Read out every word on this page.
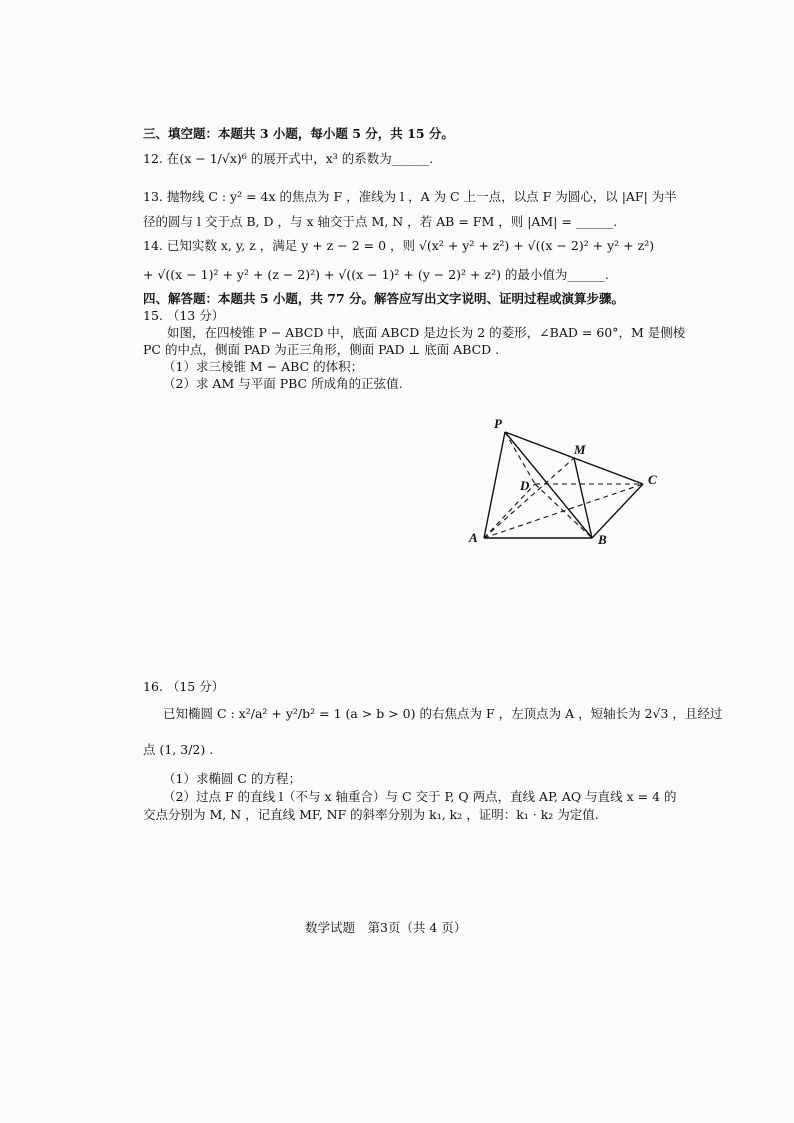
三、填空题：本题共 3 小题，每小题 5 分，共 15 分。
12. 在(x − 1/√x)⁶ 的展开式中，x³ 的系数为______.
13. 抛物线 C : y² = 4x 的焦点为 F ，准线为 l ，A 为 C 上一点，以点 F 为圆心，以 |AF| 为半
径的圆与 l 交于点 B, D ，与 x 轴交于点 M, N ，若 AB = FM ，则 |AM| = ______.
14. 已知实数 x, y, z ，满足 y + z − 2 = 0 ，则 √(x² + y² + z²) + √((x − 2)² + y² + z²)
+ √((x − 1)² + y² + (z − 2)²) + √((x − 1)² + (y − 2)² + z²) 的最小值为______.
四、解答题：本题共 5 小题，共 77 分。解答应写出文字说明、证明过程或演算步骤。
15. （13 分）
如图，在四棱锥 P − ABCD 中，底面 ABCD 是边长为 2 的菱形，∠BAD = 60°，M 是侧棱
PC 的中点，侧面 PAD 为正三角形，侧面 PAD ⊥ 底面 ABCD .
（1）求三棱锥 M − ABC 的体积；
（2）求 AM 与平面 PBC 所成角的正弦值.
P
M
C
D
A	B
16. （15 分）
已知椭圆 C : x²/a² + y²/b² = 1 (a > b > 0) 的右焦点为 F ，左顶点为 A ，短轴长为 2√3 ，且经过
点 (1, 3/2) .
（1）求椭圆 C 的方程；
（2）过点 F 的直线 l（不与 x 轴重合）与 C 交于 P, Q 两点，直线 AP, AQ 与直线 x = 4 的
交点分别为 M, N ，记直线 MF, NF 的斜率分别为 k₁, k₂ ，证明：k₁ · k₂ 为定值.
数学试题　第3页（共 4 页）
